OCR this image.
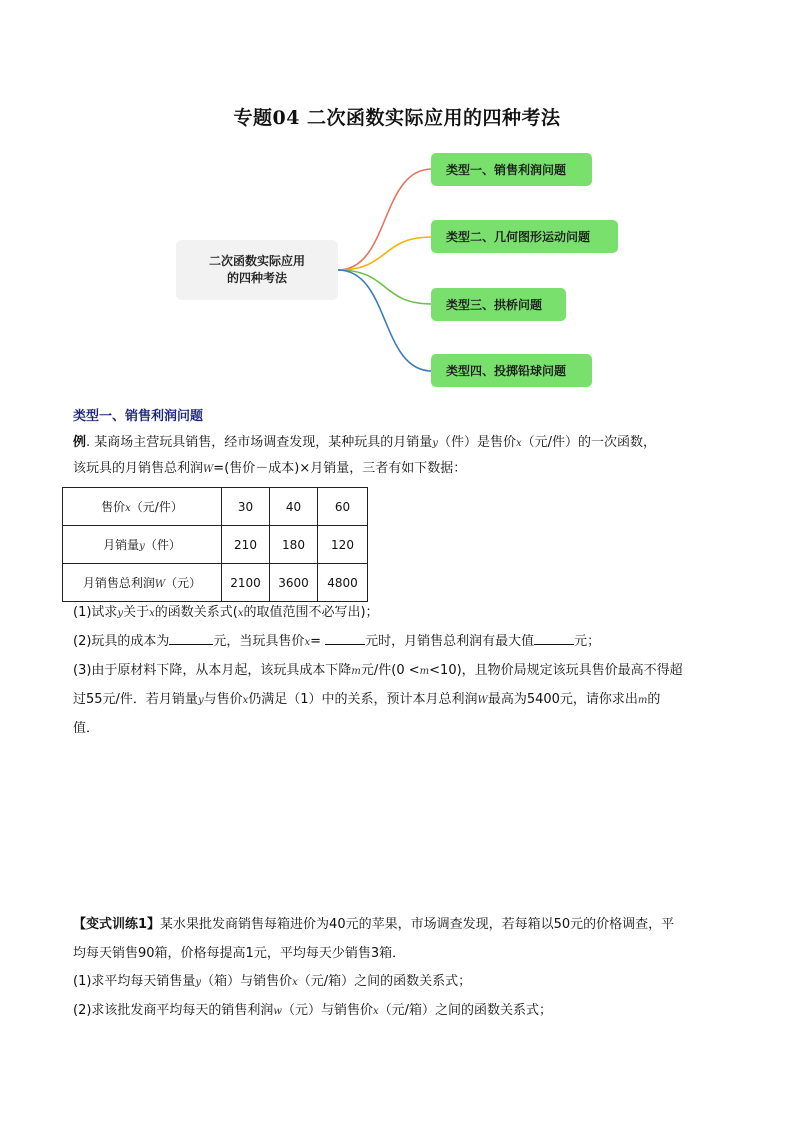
专题04 二次函数实际应用的四种考法
二次函数实际应用
的四种考法
类型一、销售利润问题
类型二、几何图形运动问题
类型三、拱桥问题
类型四、投掷铅球问题
类型一、销售利润问题
例. 某商场主营玩具销售，经市场调查发现，某种玩具的月销量y（件）是售价x（元/件）的一次函数，
该玩具的月销售总利润W=(售价－成本)×月销量，三者有如下数据：
售价x（元/件）	30	40	60
月销量y（件）	210	180	120
月销售总利润W（元）	2100	3600	4800
(1)试求y关于x的函数关系式(x的取值范围不必写出)；
(2)玩具的成本为	元，当玩具售价x=	元时，月销售总利润有最大值	元；
(3)由于原材料下降，从本月起，该玩具成本下降m元/件(0 <m<10)，且物价局规定该玩具售价最高不得超
过55元/件．若月销量y与售价x仍满足（1）中的关系，预计本月总利润W最高为5400元，请你求出m的
值．
【变式训练1】某水果批发商销售每箱进价为40元的苹果，市场调查发现，若每箱以50元的价格调查，平
均每天销售90箱，价格每提高1元，平均每天少销售3箱．
(1)求平均每天销售量y（箱）与销售价x（元/箱）之间的函数关系式；
(2)求该批发商平均每天的销售利润w（元）与销售价x（元/箱）之间的函数关系式；
